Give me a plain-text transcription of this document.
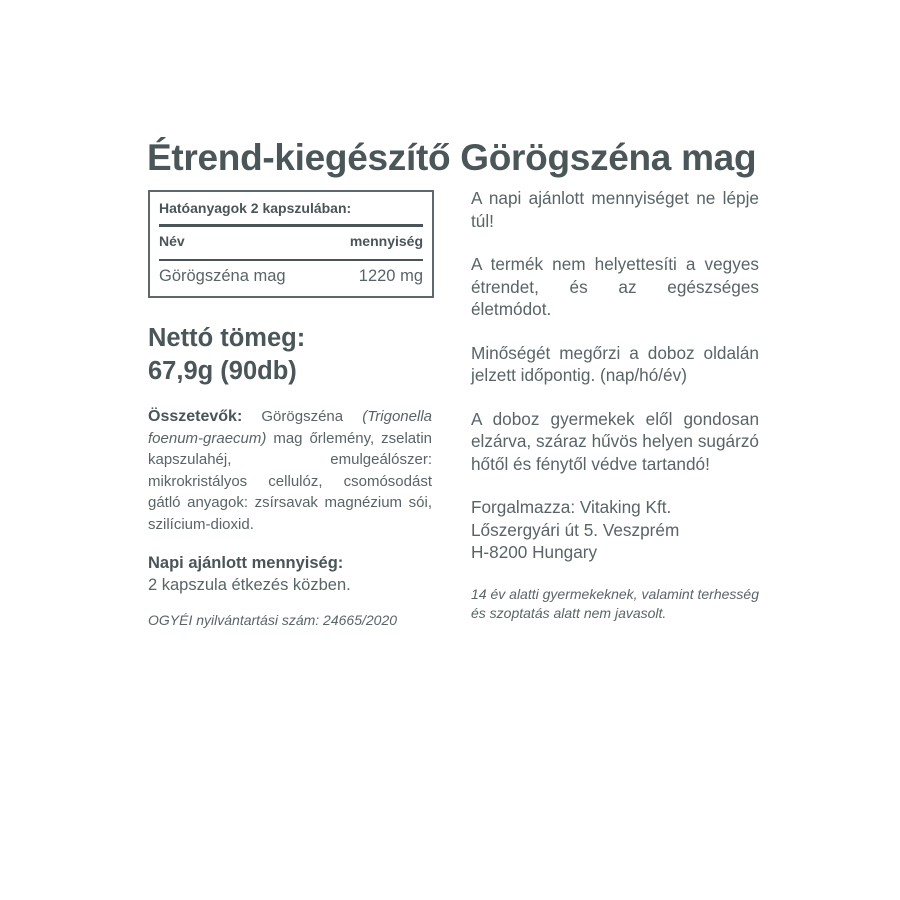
Étrend-kiegészítő Görögszéna mag
Hatóanyagok 2 kapszulában:
Név	mennyiség
Görögszéna mag	1220 mg
Nettó tömeg:
67,9g (90db)
Összetevők: Görögszéna (Trigonella foenum-graecum) mag őrlemény, zselatin kapszulahéj, emulgeálószer: mikrokristályos cellulóz, csomósodást gátló anyagok: zsírsavak magnézium sói, szilícium-dioxid.
Napi ajánlott mennyiség:
2 kapszula étkezés közben.
OGYÉI nyilvántartási szám: 24665/2020

A napi ajánlott mennyiséget ne lépje túl!

A termék nem helyettesíti a vegyes étrendet, és az egészséges életmódot.

Minőségét megőrzi a doboz oldalán jelzett időpontig. (nap/hó/év)

A doboz gyermekek elől gondosan elzárva, száraz hűvös helyen sugárzó hőtől és fénytől védve tartandó!

Forgalmazza: Vitaking Kft.
Lőszergyári út 5. Veszprém
H-8200 Hungary

14 év alatti gyermekeknek, valamint terhesség és szoptatás alatt nem javasolt.
